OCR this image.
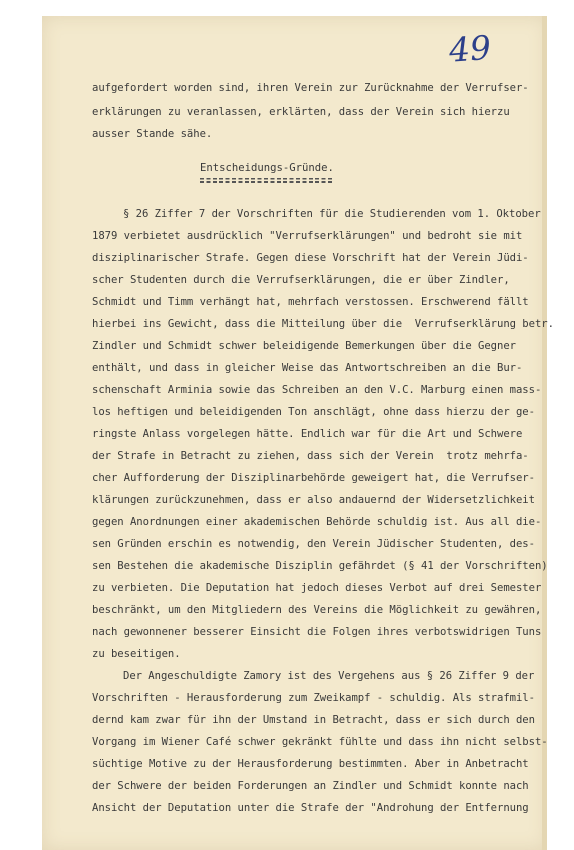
49
aufgefordert worden sind, ihren Verein zur Zurücknahme der Verrufser-
erklärungen zu veranlassen, erklärten, dass der Verein sich hierzu
ausser Stande sähe.
Entscheidungs-Gründe.
§ 26 Ziffer 7 der Vorschriften für die Studierenden vom 1. Oktober
1879 verbietet ausdrücklich "Verrufserklärungen" und bedroht sie mit
disziplinarischer Strafe. Gegen diese Vorschrift hat der Verein Jüdi-
scher Studenten durch die Verrufserklärungen, die er über Zindler,
Schmidt und Timm verhängt hat, mehrfach verstossen. Erschwerend fällt
hierbei ins Gewicht, dass die Mitteilung über die  Verrufserklärung betr.
Zindler und Schmidt schwer beleidigende Bemerkungen über die Gegner
enthält, und dass in gleicher Weise das Antwortschreiben an die Bur-
schenschaft Arminia sowie das Schreiben an den V.C. Marburg einen mass-
los heftigen und beleidigenden Ton anschlägt, ohne dass hierzu der ge-
ringste Anlass vorgelegen hätte. Endlich war für die Art und Schwere
der Strafe in Betracht zu ziehen, dass sich der Verein  trotz mehrfa-
cher Aufforderung der Disziplinarbehörde geweigert hat, die Verrufser-
klärungen zurückzunehmen, dass er also andauernd der Widersetzlichkeit
gegen Anordnungen einer akademischen Behörde schuldig ist. Aus all die-
sen Gründen erschin es notwendig, den Verein Jüdischer Studenten, des-
sen Bestehen die akademische Disziplin gefährdet (§ 41 der Vorschriften)
zu verbieten. Die Deputation hat jedoch dieses Verbot auf drei Semester
beschränkt, um den Mitgliedern des Vereins die Möglichkeit zu gewähren,
nach gewonnener besserer Einsicht die Folgen ihres verbotswidrigen Tuns
zu beseitigen.
Der Angeschuldigte Zamory ist des Vergehens aus § 26 Ziffer 9 der
Vorschriften - Herausforderung zum Zweikampf - schuldig. Als strafmil-
dernd kam zwar für ihn der Umstand in Betracht, dass er sich durch den
Vorgang im Wiener Café schwer gekränkt fühlte und dass ihn nicht selbst-
süchtige Motive zu der Herausforderung bestimmten. Aber in Anbetracht
der Schwere der beiden Forderungen an Zindler und Schmidt konnte nach
Ansicht der Deputation unter die Strafe der "Androhung der Entfernung
